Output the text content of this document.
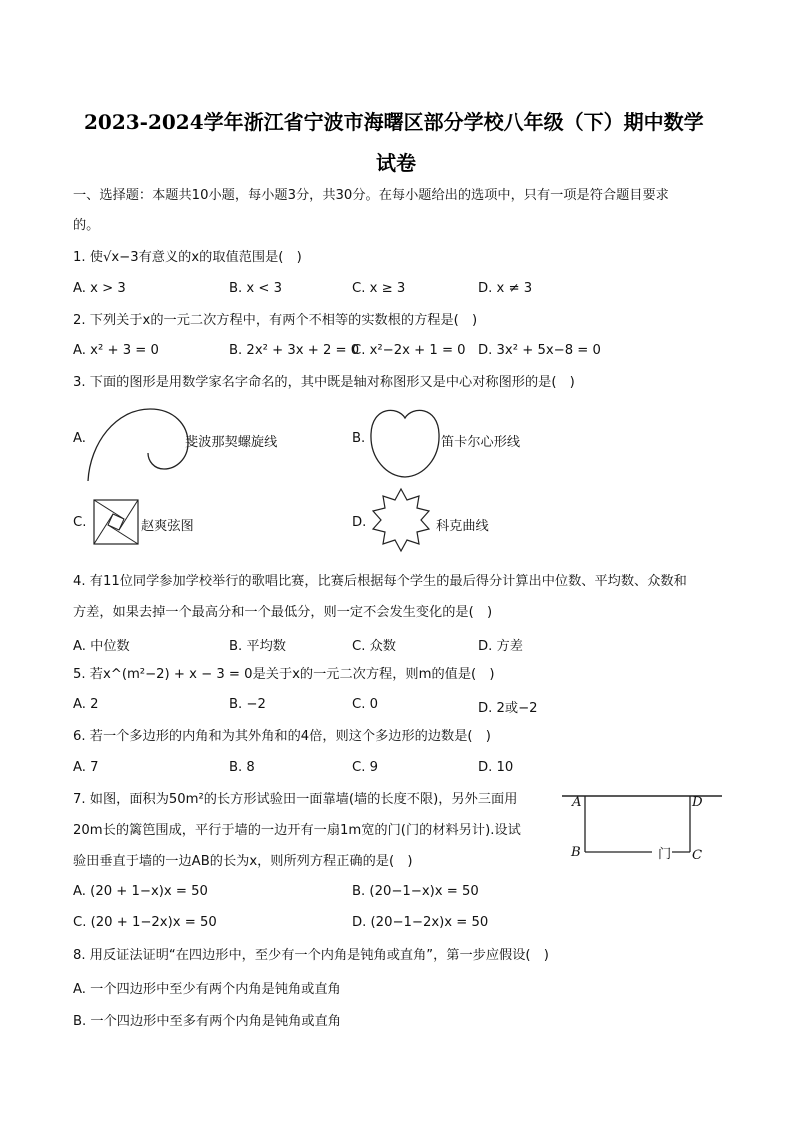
2023-2024学年浙江省宁波市海曙区部分学校八年级（下）期中数学
试卷
一、选择题：本题共10小题，每小题3分，共30分。在每小题给出的选项中，只有一项是符合题目要求
的。
1. 使√x−3有意义的x的取值范围是(　)
A. x > 3	B. x < 3	C. x ≥ 3	D. x ≠ 3
2. 下列关于x的一元二次方程中，有两个不相等的实数根的方程是(　)
A. x² + 3 = 0	B. 2x² + 3x + 2 = 0
C. x²−2x + 1 = 0 D. 3x² + 5x−8 = 0
3. 下面的图形是用数学家名字命名的，其中既是轴对称图形又是中心对称图形的是(　)
A.	斐波那契螺旋线	B.	笛卡尔心形线
C.	赵爽弦图	D.	科克曲线
4. 有11位同学参加学校举行的歌唱比赛，比赛后根据每个学生的最后得分计算出中位数、平均数、众数和
方差，如果去掉一个最高分和一个最低分，则一定不会发生变化的是(　)
A. 中位数	B. 平均数	C. 众数	D. 方差
5. 若x^(m²−2) + x − 3 = 0是关于x的一元二次方程，则m的值是(　)
A. 2	B. −2	C. 0	D. 2或−2
6. 若一个多边形的内角和为其外角和的4倍，则这个多边形的边数是(　)
A. 7	B. 8	C. 9	D. 10
7. 如图，面积为50m²的长方形试验田一面靠墙(墙的长度不限)，另外三面用
20m长的篱笆围成，平行于墙的一边开有一扇1m宽的门(门的材料另计).设试
验田垂直于墙的一边AB的长为x，则所列方程正确的是(　)
A	D
B	门 C
A. (20 + 1−x)x = 50	B. (20−1−x)x = 50
C. (20 + 1−2x)x = 50	D. (20−1−2x)x = 50
8. 用反证法证明“在四边形中，至少有一个内角是钝角或直角”，第一步应假设(　)
A. 一个四边形中至少有两个内角是钝角或直角
B. 一个四边形中至多有两个内角是钝角或直角
